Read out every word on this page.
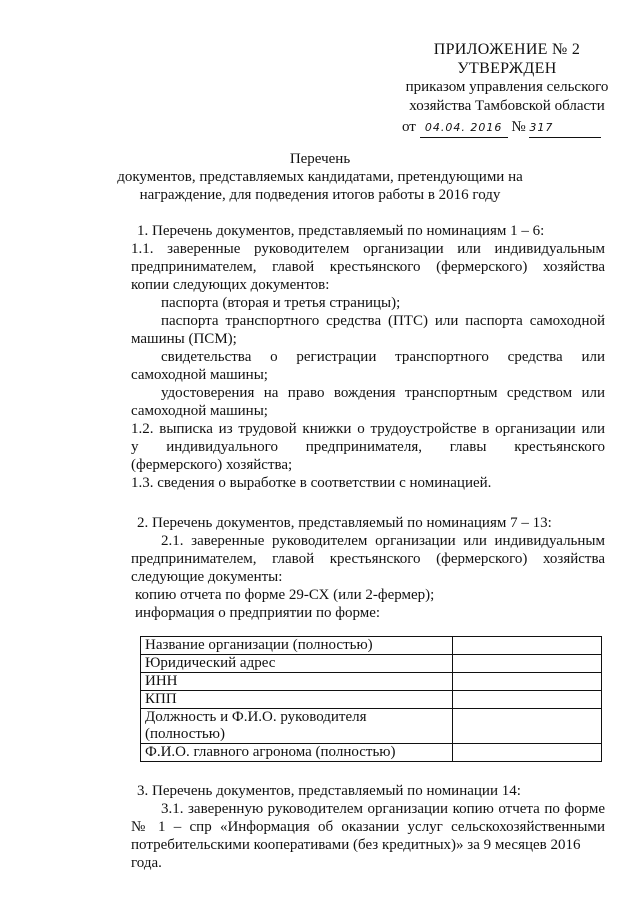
ПРИЛОЖЕНИЕ № 2
УТВЕРЖДЕН
приказом управления сельского
хозяйства Тамбовской области
от 04.04. 2016 № 317
Перечень
документов, представляемых кандидатами, претендующими на
награждение, для подведения итогов работы в 2016 году

1. Перечень документов, представляемый по номинациям 1 – 6:

1.1. заверенные руководителем организации или индивидуальным

предпринимателем, главой крестьянского (фермерского) хозяйства

копии следующих документов:

паспорта (вторая и третья страницы);

паспорта транспортного средства (ПТС) или паспорта самоходной

машины (ПСМ);

свидетельства о регистрации транспортного средства или

самоходной машины;

удостоверения на право вождения транспортным средством или

самоходной машины;

1.2. выписка из трудовой книжки о трудоустройстве в организации или

у индивидуального предпринимателя, главы крестьянского

(фермерского) хозяйства;

1.3. сведения о выработке в соответствии с номинацией.

2. Перечень документов, представляемый по номинациям 7 – 13:

2.1. заверенные руководителем организации или индивидуальным

предпринимателем, главой крестьянского (фермерского) хозяйства

следующие документы:

копию отчета по форме 29-СХ (или 2-фермер);

информация о предприятии по форме:

Название организации (полностью)	
Юридический адрес	
ИНН	
КПП	
Должность и Ф.И.О. руководителя (полностью)	
Ф.И.О. главного агронома (полностью)	

3. Перечень документов, представляемый по номинации 14:

3.1. заверенную руководителем организации копию отчета по форме

№ 1 – спр «Информация об оказании услуг сельскохозяйственными

потребительскими кооперативами (без кредитных)» за 9 месяцев 2016 года.
